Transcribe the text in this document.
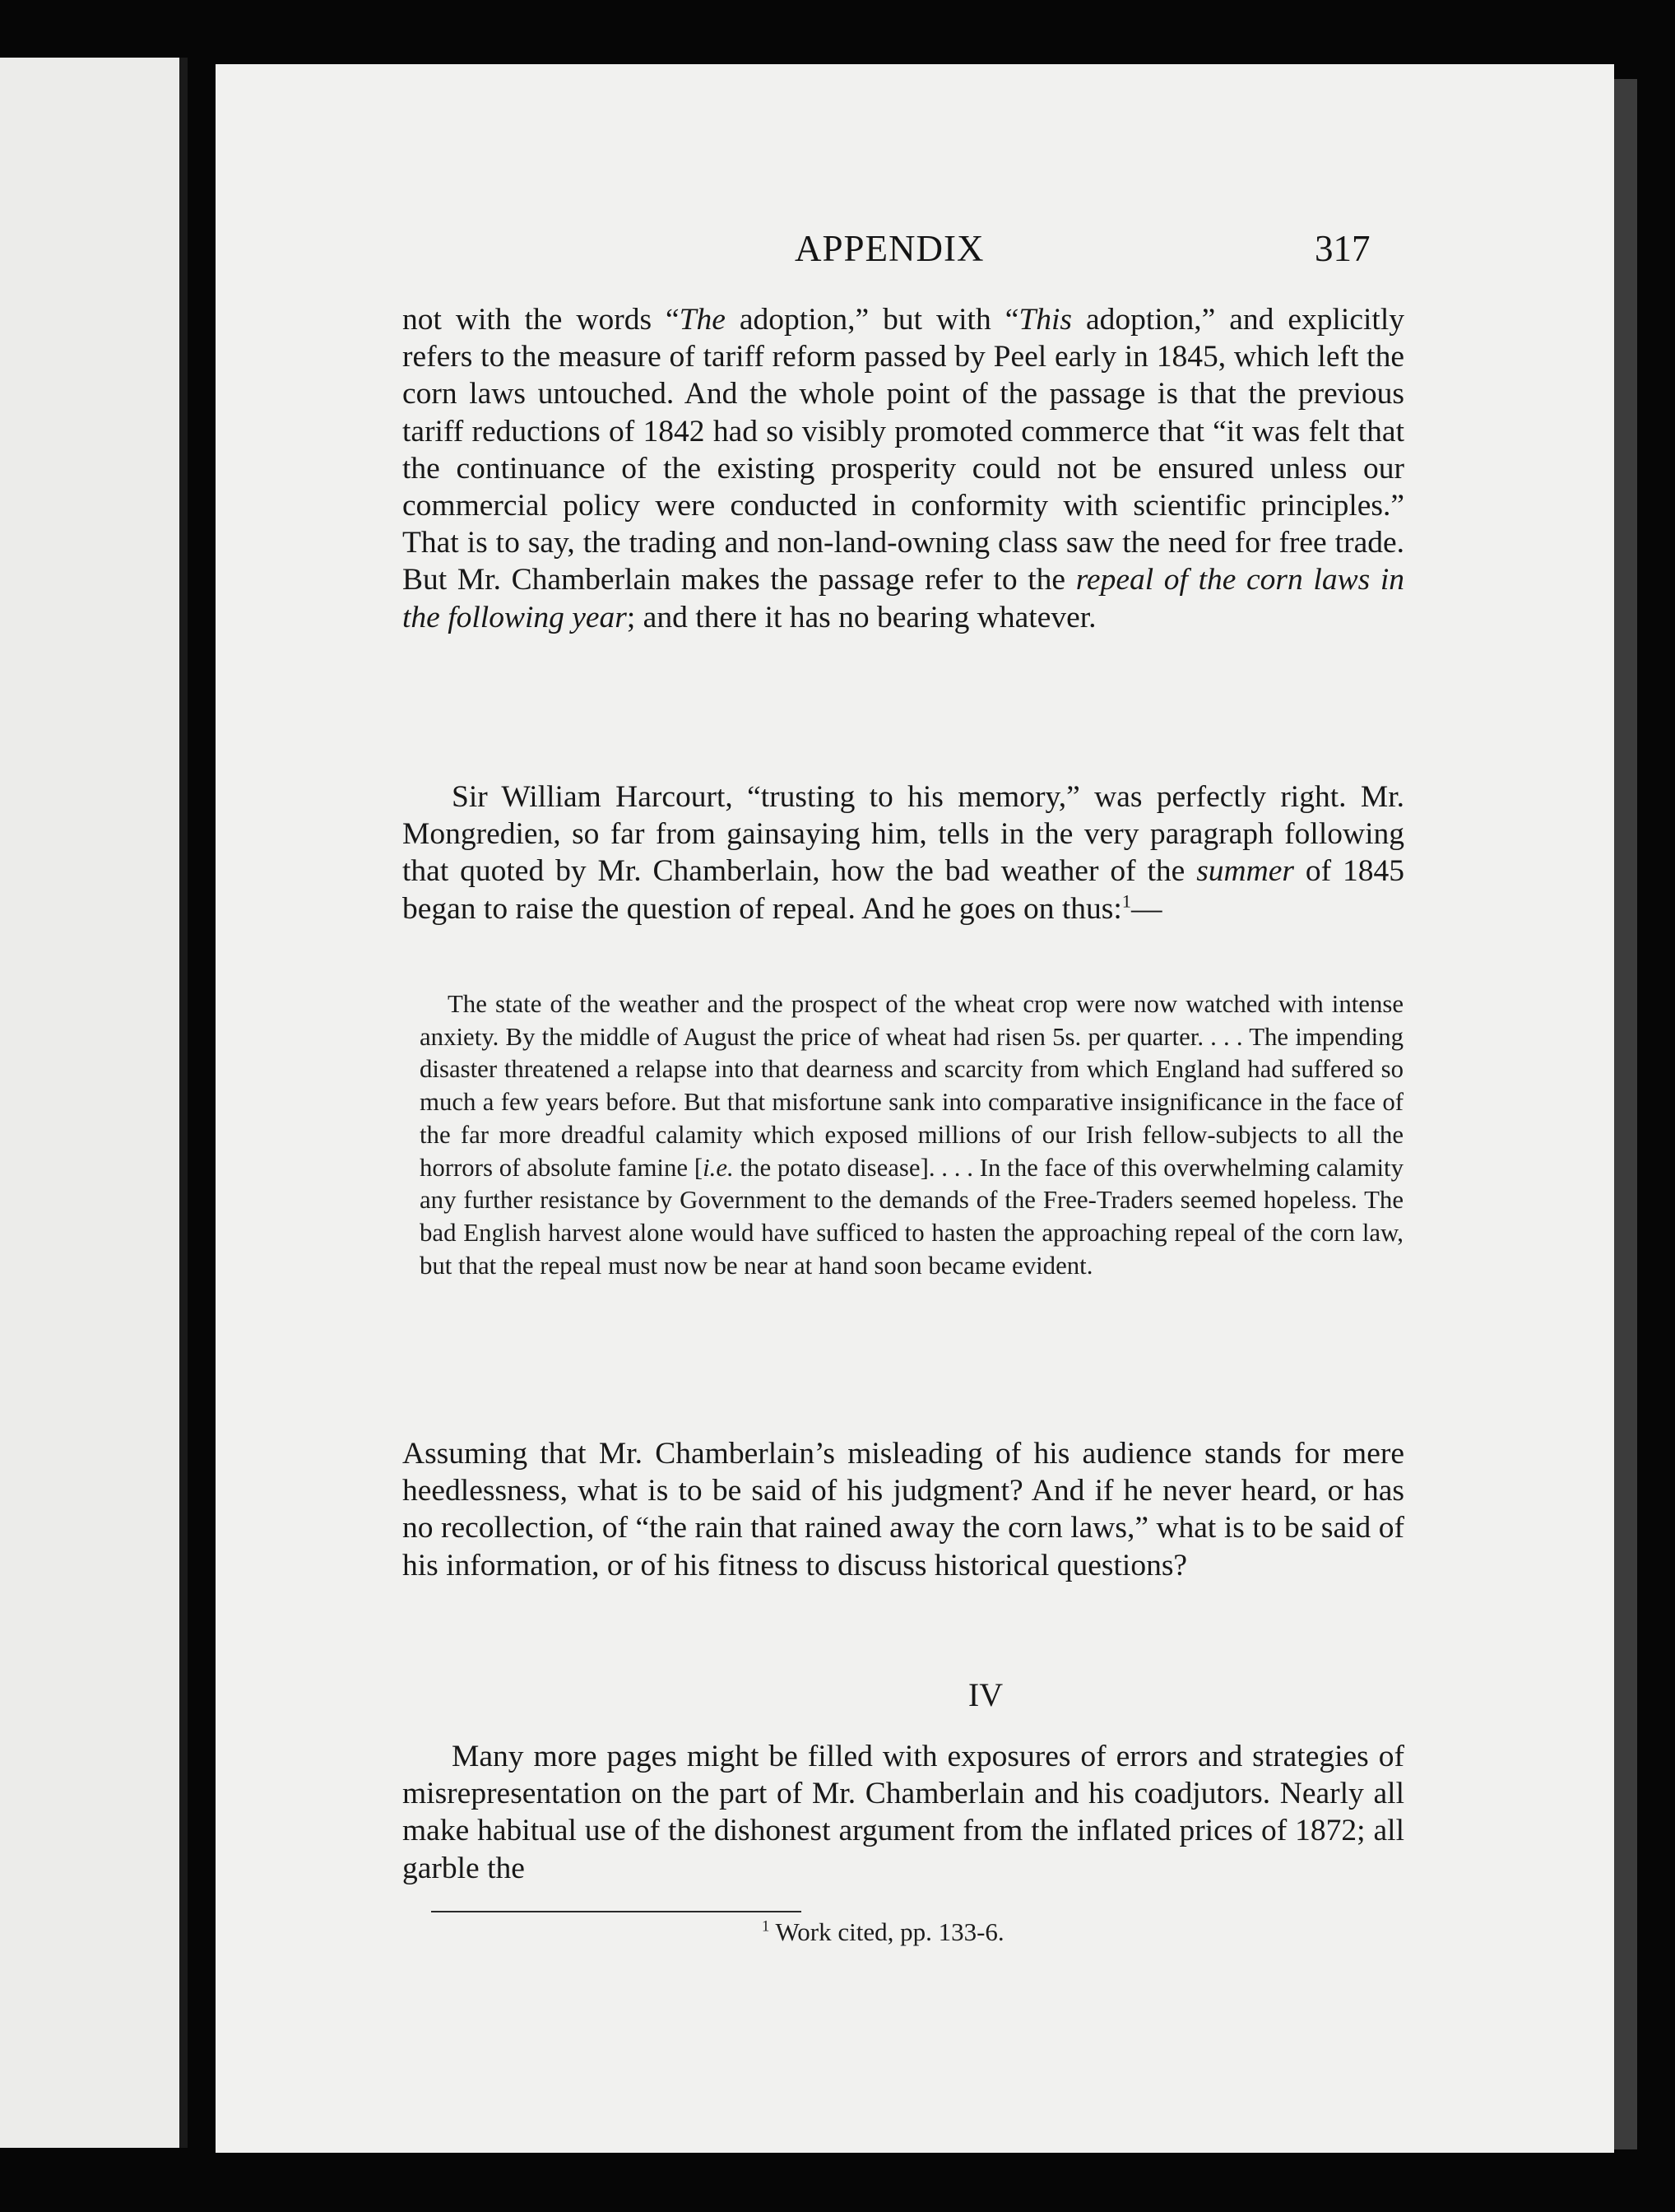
APPENDIX	317
not with the words “The adoption,” but with “This adoption,” and explicitly refers to the measure of tariff reform passed by Peel early in 1845, which left the corn laws untouched. And the whole point of the passage is that the previous tariff reductions of 1842 had so visibly promoted commerce that “it was felt that the continuance of the existing prosperity could not be ensured unless our commercial policy were conducted in conformity with scientific principles.” That is to say, the trading and non-land-owning class saw the need for free trade. But Mr. Chamberlain makes the passage refer to the repeal of the corn laws in the following year; and there it has no bearing whatever.
Sir William Harcourt, “trusting to his memory,” was perfectly right. Mr. Mongredien, so far from gainsaying him, tells in the very paragraph following that quoted by Mr. Chamberlain, how the bad weather of the summer of 1845 began to raise the question of repeal. And he goes on thus:$^1$—
The state of the weather and the prospect of the wheat crop were now watched with intense anxiety. By the middle of August the price of wheat had risen 5s. per quarter. . . . The impending disaster threatened a relapse into that dearness and scarcity from which England had suffered so much a few years before. But that misfortune sank into comparative insignificance in the face of the far more dreadful calamity which exposed millions of our Irish fellow-subjects to all the horrors of absolute famine [i.e. the potato disease]. . . . In the face of this overwhelming calamity any further resistance by Government to the demands of the Free-Traders seemed hopeless. The bad English harvest alone would have sufficed to hasten the approaching repeal of the corn law, but that the repeal must now be near at hand soon became evident.
Assuming that Mr. Chamberlain’s misleading of his audience stands for mere heedlessness, what is to be said of his judgment? And if he never heard, or has no recollection, of “the rain that rained away the corn laws,” what is to be said of his information, or of his fitness to discuss historical questions?
IV
Many more pages might be filled with exposures of errors and strategies of misrepresentation on the part of Mr. Chamberlain and his coadjutors. Nearly all make habitual use of the dishonest argument from the inflated prices of 1872; all garble the
$^1$ Work cited, pp. 133-6.
